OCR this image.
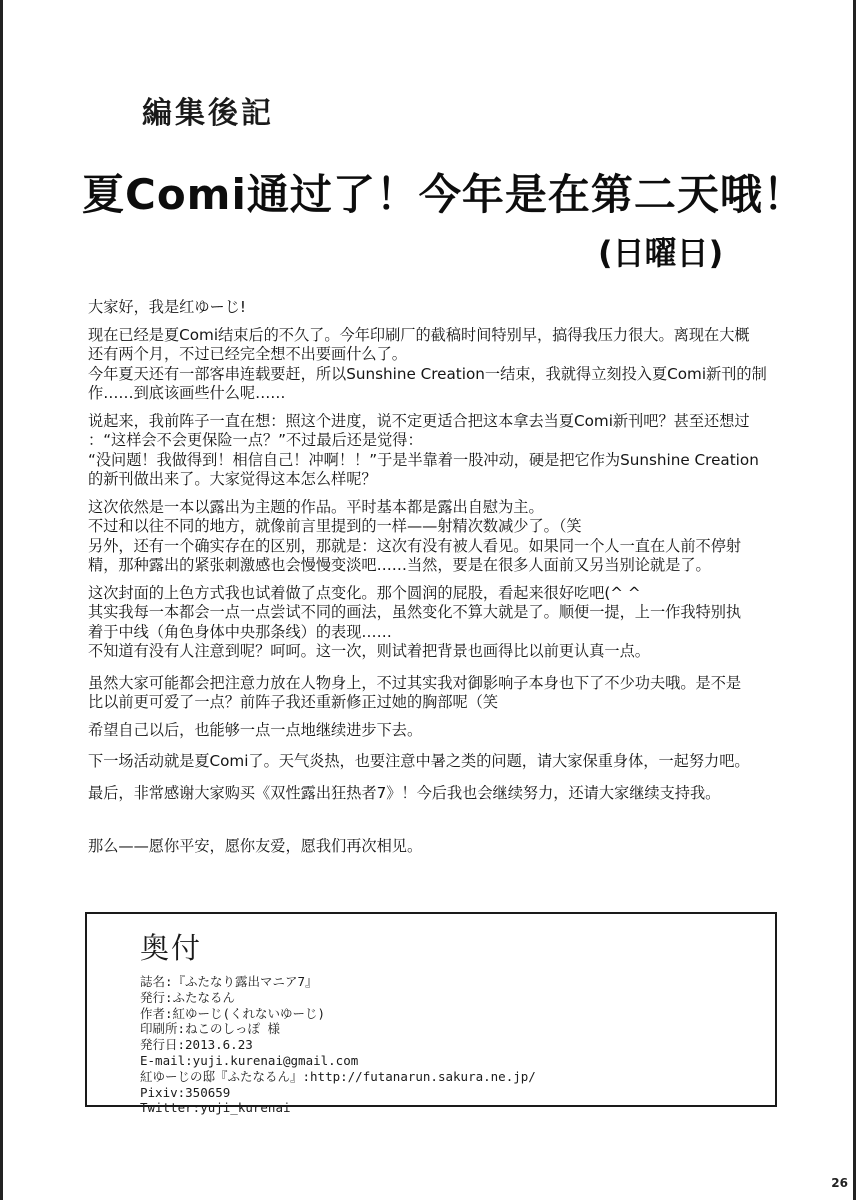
編集後記
夏Comi通过了！今年是在第二天哦！
(日曜日)

大家好，我是红ゆーじ!

现在已经是夏Comi结束后的不久了。今年印刷厂的截稿时间特别早，搞得我压力很大。离现在大概
还有两个月，不过已经完全想不出要画什么了。
今年夏天还有一部客串连载要赶，所以Sunshine Creation一结束，我就得立刻投入夏Comi新刊的制
作……到底该画些什么呢……

说起来，我前阵子一直在想：照这个进度，说不定更适合把这本拿去当夏Comi新刊吧？甚至还想过
：“这样会不会更保险一点？”不过最后还是觉得：
“没问题！我做得到！相信自己！冲啊！！”于是半靠着一股冲动，硬是把它作为Sunshine Creation
的新刊做出来了。大家觉得这本怎么样呢？

这次依然是一本以露出为主题的作品。平时基本都是露出自慰为主。
不过和以往不同的地方，就像前言里提到的一样——射精次数减少了。（笑
另外，还有一个确实存在的区别，那就是：这次有没有被人看见。如果同一个人一直在人前不停射
精，那种露出的紧张刺激感也会慢慢变淡吧……当然，要是在很多人面前又另当别论就是了。

这次封面的上色方式我也试着做了点变化。那个圆润的屁股，看起来很好吃吧(^ ^
其实我每一本都会一点一点尝试不同的画法，虽然变化不算大就是了。顺便一提，上一作我特别执
着于中线（角色身体中央那条线）的表现……
不知道有没有人注意到呢？呵呵。这一次，则试着把背景也画得比以前更认真一点。

虽然大家可能都会把注意力放在人物身上，不过其实我对御影响子本身也下了不少功夫哦。是不是
比以前更可爱了一点？前阵子我还重新修正过她的胸部呢（笑

希望自己以后，也能够一点一点地继续进步下去。

下一场活动就是夏Comi了。天气炎热，也要注意中暑之类的问题，请大家保重身体，一起努力吧。

最后，非常感谢大家购买《双性露出狂热者7》！今后我也会继续努力，还请大家继续支持我。

那么——愿你平安，愿你友爱，愿我们再次相见。

奥付
誌名:『ふたなり露出マニア7』
発行:ふたなるん
作者:紅ゆーじ(くれないゆーじ)
印刷所:ねこのしっぽ 様
発行日:2013.6.23
E-mail:yuji.kurenai@gmail.com
紅ゆーじの邸『ふたなるん』:http://futanarun.sakura.ne.jp/
Pixiv:350659
Twitter:yuji_kurenai
26
